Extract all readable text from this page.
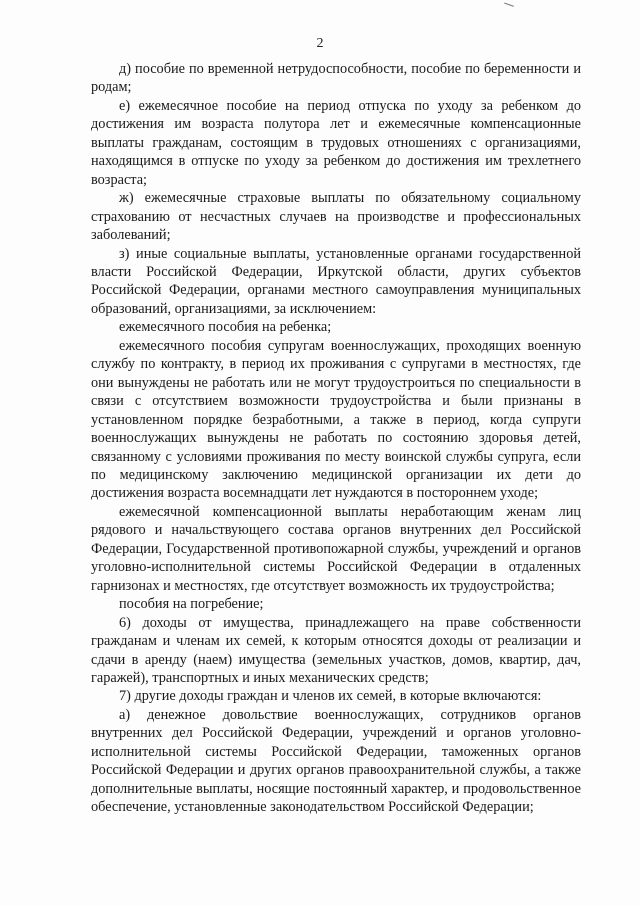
2

д) пособие по временной нетрудоспособности, пособие по беременности и родам;

е) ежемесячное пособие на период отпуска по уходу за ребенком до достижения им возраста полутора лет и ежемесячные компенсационные выплаты гражданам, состоящим в трудовых отношениях с организациями, находящимся в отпуске по уходу за ребенком до достижения им трехлетнего возраста;

ж) ежемесячные страховые выплаты по обязательному социальному страхованию от несчастных случаев на производстве и профессиональных заболеваний;

з) иные социальные выплаты, установленные органами государственной власти Российской Федерации, Иркутской области, других субъектов Российской Федерации, органами местного самоуправления муниципальных образований, организациями, за исключением:

ежемесячного пособия на ребенка;

ежемесячного пособия супругам военнослужащих, проходящих военную службу по контракту, в период их проживания с супругами в местностях, где они вынуждены не работать или не могут трудоустроиться по специальности в связи с отсутствием возможности трудоустройства и были признаны в установленном порядке безработными, а также в период, когда супруги военнослужащих вынуждены не работать по состоянию здоровья детей, связанному с условиями проживания по месту воинской службы супруга, если по медицинскому заключению медицинской организации их дети до достижения возраста восемнадцати лет нуждаются в постороннем уходе;

ежемесячной компенсационной выплаты неработающим женам лиц рядового и начальствующего состава органов внутренних дел Российской Федерации, Государственной противопожарной службы, учреждений и органов уголовно-исполнительной системы Российской Федерации в отдаленных гарнизонах и местностях, где отсутствует возможность их трудоустройства;

пособия на погребение;

6) доходы от имущества, принадлежащего на праве собственности гражданам и членам их семей, к которым относятся доходы от реализации и сдачи в аренду (наем) имущества (земельных участков, домов, квартир, дач, гаражей), транспортных и иных механических средств;

7) другие доходы граждан и членов их семей, в которые включаются:

а) денежное довольствие военнослужащих, сотрудников органов внутренних дел Российской Федерации, учреждений и органов уголовно-исполнительной системы Российской Федерации, таможенных органов Российской Федерации и других органов правоохранительной службы, а также дополнительные выплаты, носящие постоянный характер, и продовольственное обеспечение, установленные законодательством Российской Федерации;
